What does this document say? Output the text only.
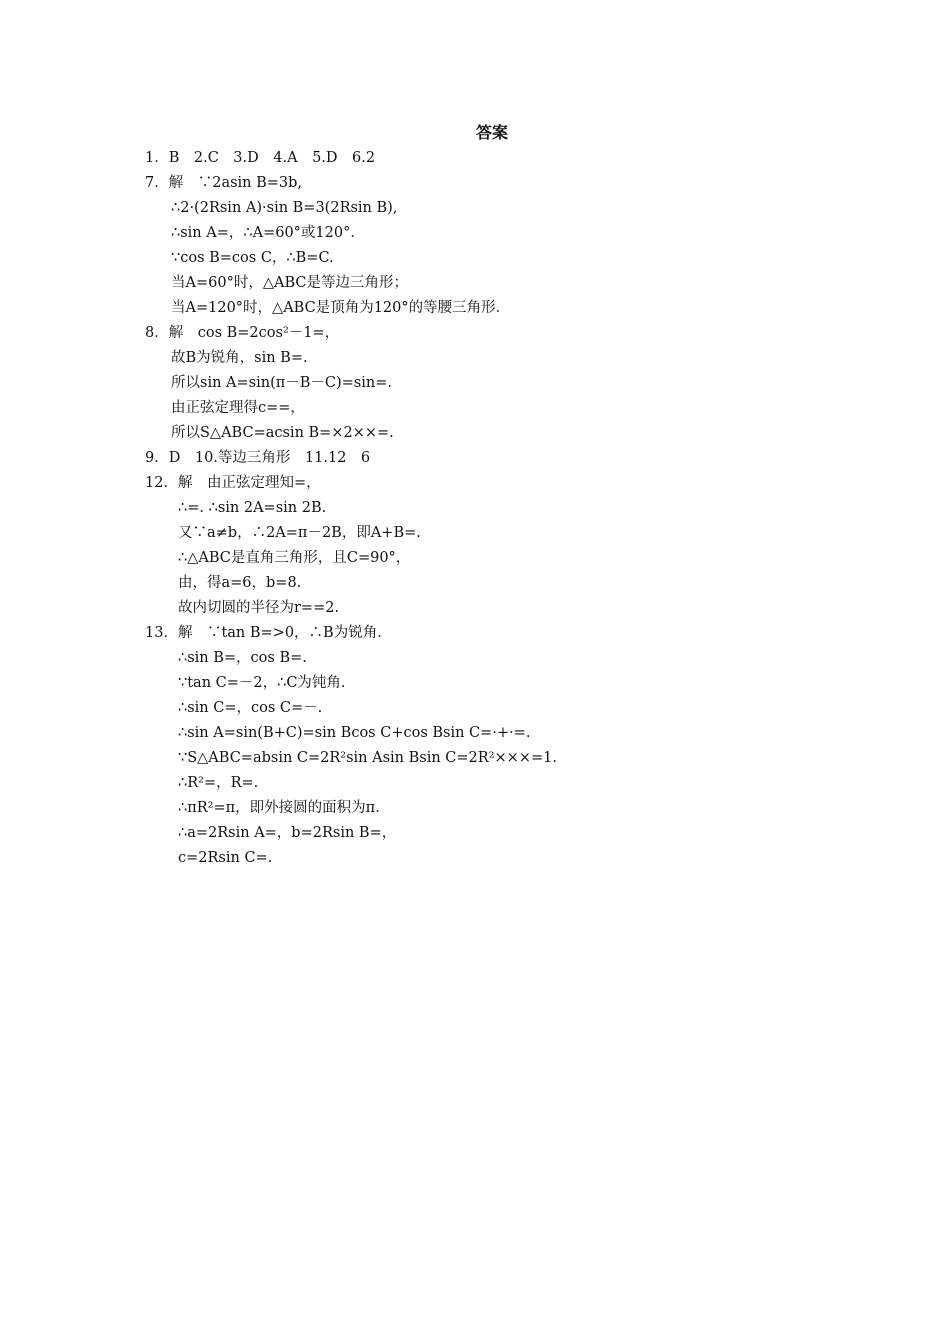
答案
1．B　2.C　3.D　4.A　5.D　6.2
7．解　∵2asin B=3b,
∴2·(2Rsin A)·sin B=3(2Rsin B),
∴sin A=，∴A=60°或120°．
∵cos B=cos C，∴B=C.
当A=60°时，△ABC是等边三角形；
当A=120°时，△ABC是顶角为120°的等腰三角形．
8．解　cos B=2cos²－1=，
故B为锐角，sin B=.
所以sin A=sin(π－B－C)=sin=.
由正弦定理得c==，
所以S△ABC=acsin B=×2××=.
9．D　10.等边三角形　11.12　6
12．解　由正弦定理知=，
∴=. ∴sin 2A=sin 2B.
又∵a≠b，∴2A=π－2B，即A+B=.
∴△ABC是直角三角形，且C=90°，
由，得a=6，b=8.
故内切圆的半径为r==2.
13．解　∵tan B=>0，∴B为锐角．
∴sin B=，cos B=.
∵tan C=－2，∴C为钝角．
∴sin C=，cos C=－.
∴sin A=sin(B+C)=sin Bcos C+cos Bsin C=·+·=.
∵S△ABC=absin C=2R²sin Asin Bsin C=2R²×××=1.
∴R²=，R=.
∴πR²=π，即外接圆的面积为π．
∴a=2Rsin A=，b=2Rsin B=，
c=2Rsin C=.
